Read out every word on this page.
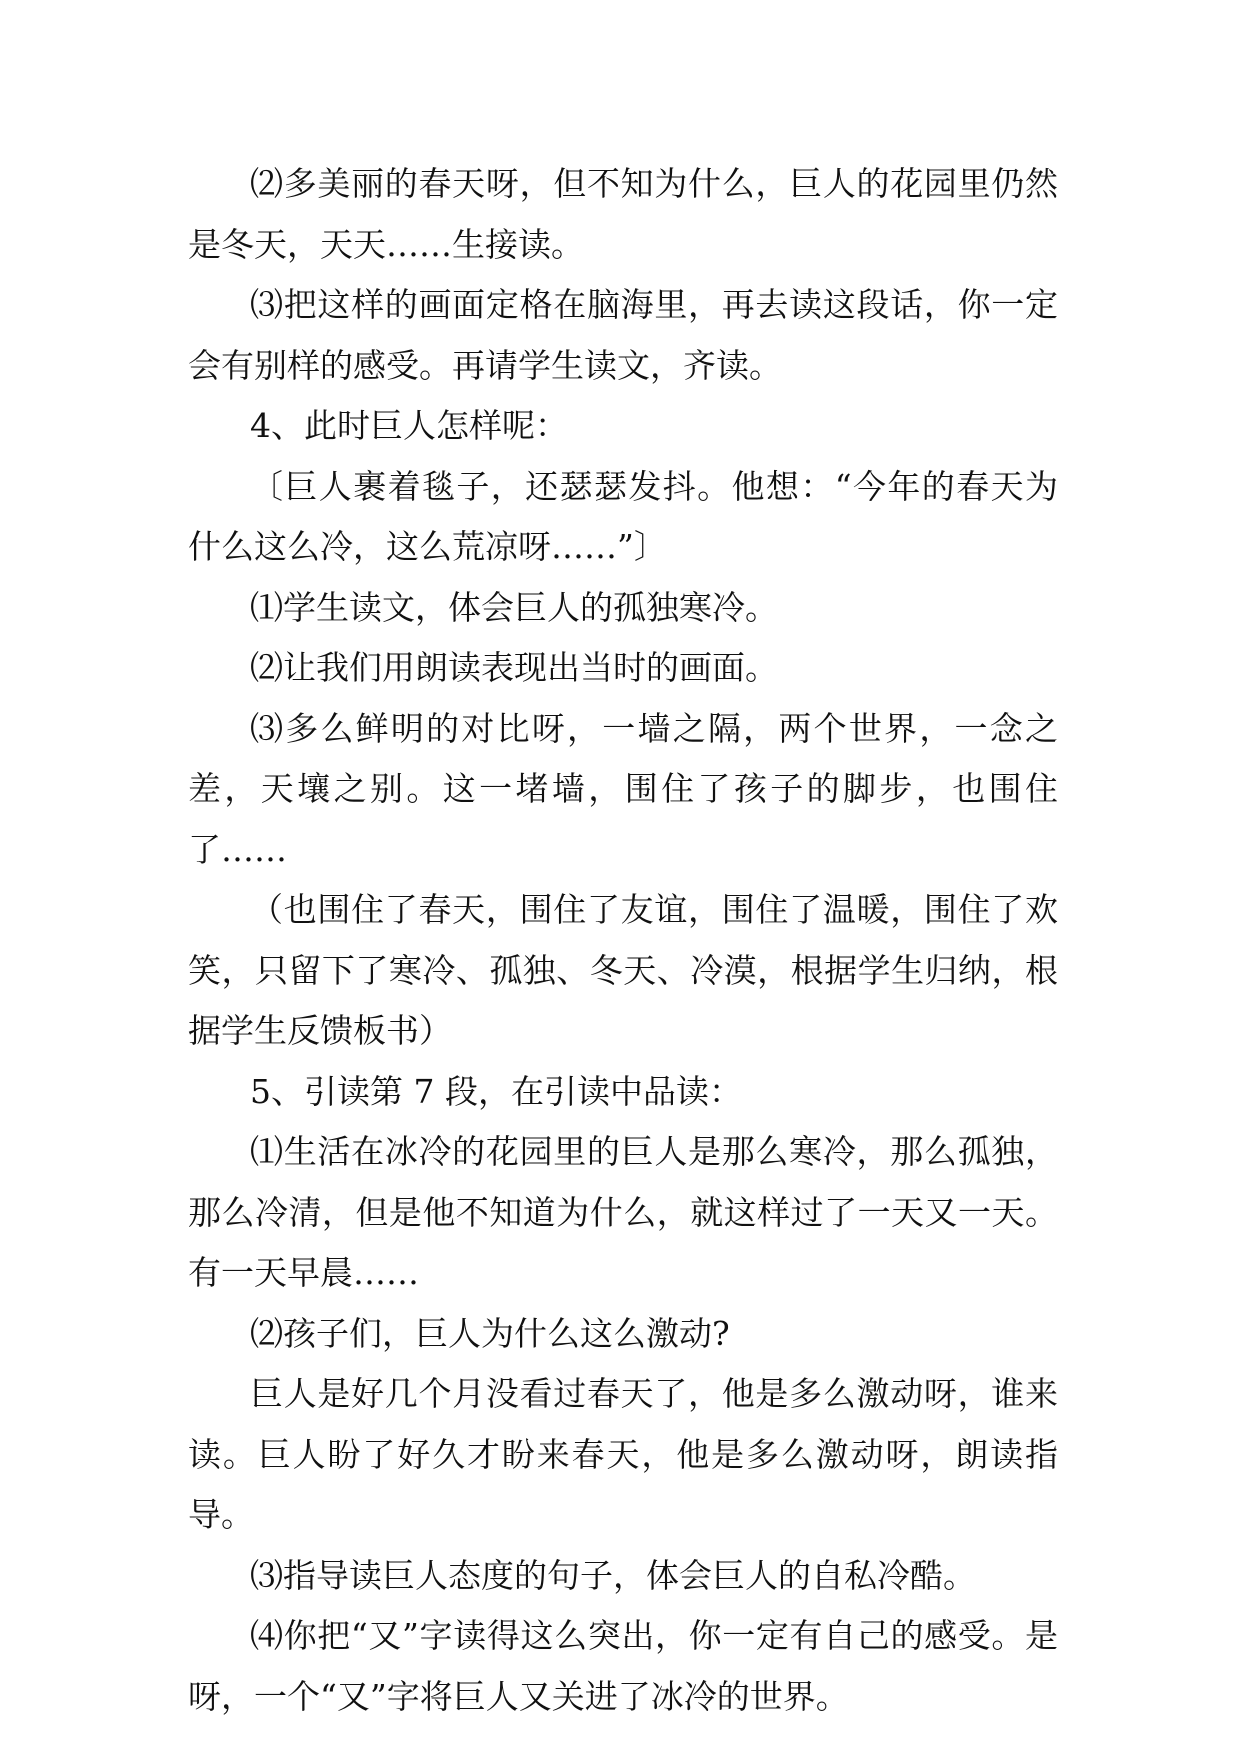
⑵多美丽的春天呀，但不知为什么，巨人的花园里仍然是冬天，天天……生接读。

⑶把这样的画面定格在脑海里，再去读这段话，你一定会有别样的感受。再请学生读文，齐读。

4、此时巨人怎样呢：

〔巨人裹着毯子，还瑟瑟发抖。他想：“今年的春天为什么这么冷，这么荒凉呀……”〕

⑴学生读文，体会巨人的孤独寒冷。

⑵让我们用朗读表现出当时的画面。

⑶多么鲜明的对比呀，一墙之隔，两个世界，一念之差，天壤之别。这一堵墙，围住了孩子的脚步，也围住了……

（也围住了春天，围住了友谊，围住了温暖，围住了欢笑，只留下了寒冷、孤独、冬天、冷漠，根据学生归纳，根据学生反馈板书）

5、引读第 7 段，在引读中品读：

⑴生活在冰冷的花园里的巨人是那么寒冷，那么孤独，那么冷清，但是他不知道为什么，就这样过了一天又一天。有一天早晨……

⑵孩子们，巨人为什么这么激动?

巨人是好几个月没看过春天了，他是多么激动呀，谁来读。巨人盼了好久才盼来春天，他是多么激动呀，朗读指导。

⑶指导读巨人态度的句子，体会巨人的自私冷酷。

⑷你把“又”字读得这么突出，你一定有自己的感受。是呀，一个“又”字将巨人又关进了冰冷的世界。
